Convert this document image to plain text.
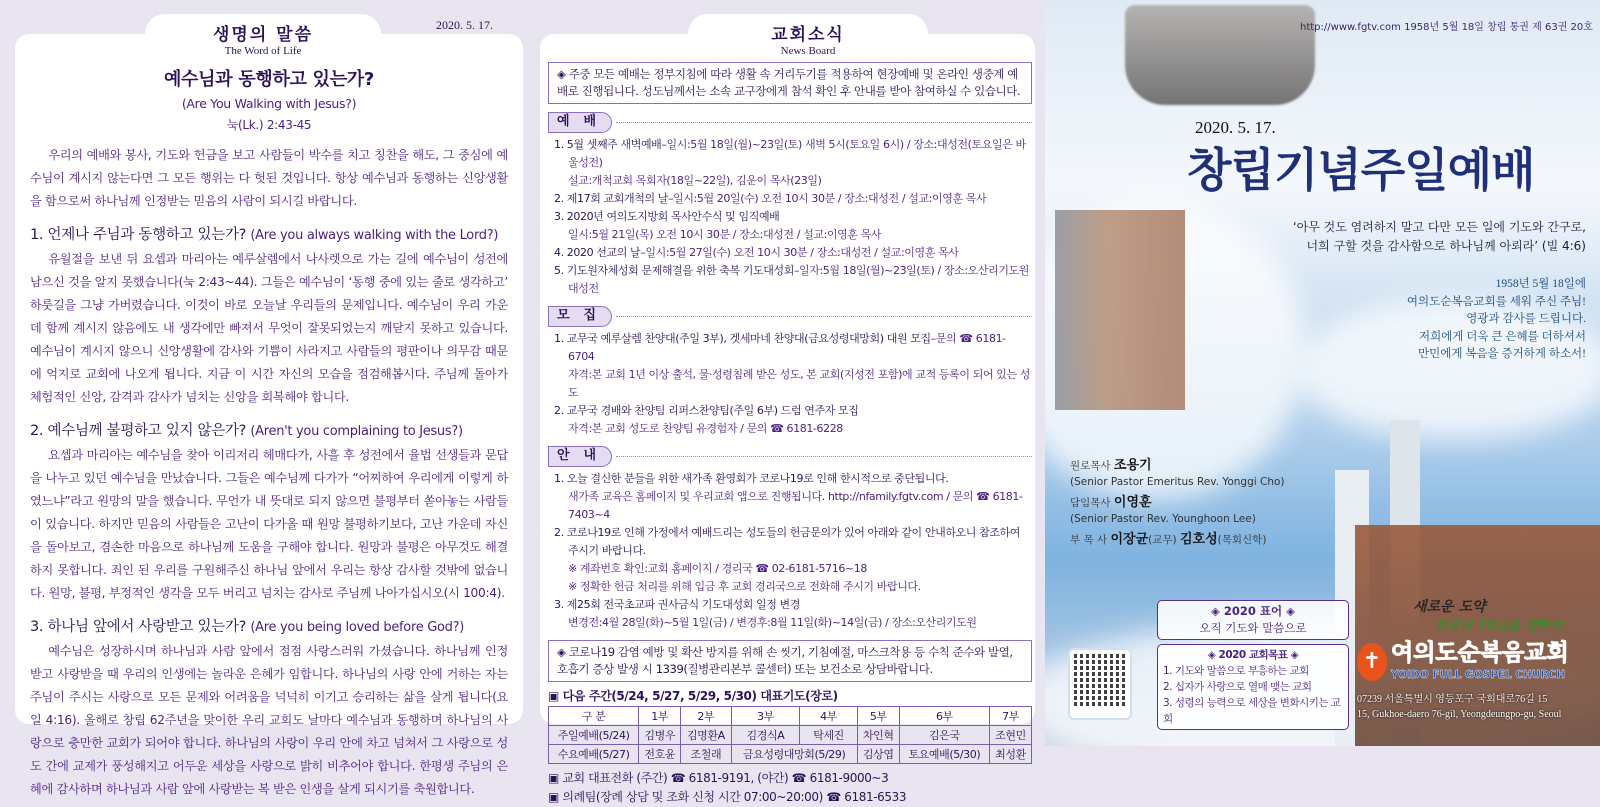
생명의 말씀
The Word of Life
2020. 5. 17.
예수님과 동행하고 있는가?
(Are You Walking with Jesus?)
눅(Lk.) 2:43-45

우리의 예배와 봉사, 기도와 헌금을 보고 사람들이 박수를 치고 칭찬을 해도, 그 중심에 예수님이 계시지 않는다면 그 모든 행위는 다 헛된 것입니다. 항상 예수님과 동행하는 신앙생활을 함으로써 하나님께 인정받는 믿음의 사람이 되시길 바랍니다.

1. 언제나 주님과 동행하고 있는가? (Are you always walking with the Lord?)

유월절을 보낸 뒤 요셉과 마리아는 예루살렘에서 나사렛으로 가는 길에 예수님이 성전에 남으신 것을 알지 못했습니다(눅 2:43~44). 그들은 예수님이 ‘동행 중에 있는 줄로 생각하고’ 하룻길을 그냥 가버렸습니다. 이것이 바로 오늘날 우리들의 문제입니다. 예수님이 우리 가운데 함께 계시지 않음에도 내 생각에만 빠져서 무엇이 잘못되었는지 깨닫지 못하고 있습니다. 예수님이 계시지 않으니 신앙생활에 감사와 기쁨이 사라지고 사람들의 평판이나 의무감 때문에 억지로 교회에 나오게 됩니다. 지금 이 시간 자신의 모습을 점검해봅시다. 주님께 돌아가 체험적인 신앙, 감격과 감사가 넘치는 신앙을 회복해야 합니다.

2. 예수님께 불평하고 있지 않은가? (Aren't you complaining to Jesus?)

요셉과 마리아는 예수님을 찾아 이리저리 헤매다가, 사흘 후 성전에서 율법 선생들과 문답을 나누고 있던 예수님을 만났습니다. 그들은 예수님께 다가가 “어찌하여 우리에게 이렇게 하였느냐”라고 원망의 말을 했습니다. 무언가 내 뜻대로 되지 않으면 불평부터 쏟아놓는 사람들이 있습니다. 하지만 믿음의 사람들은 고난이 다가올 때 원망 불평하기보다, 고난 가운데 자신을 돌아보고, 겸손한 마음으로 하나님께 도움을 구해야 합니다. 원망과 불평은 아무것도 해결하지 못합니다. 죄인 된 우리를 구원해주신 하나님 앞에서 우리는 항상 감사할 것밖에 없습니다. 원망, 불평, 부정적인 생각을 모두 버리고 넘치는 감사로 주님께 나아가십시오(시 100:4).

3. 하나님 앞에서 사랑받고 있는가? (Are you being loved before God?)

예수님은 성장하시며 하나님과 사람 앞에서 점점 사랑스러워 가셨습니다. 하나님께 인정받고 사랑받을 때 우리의 인생에는 놀라운 은혜가 임합니다. 하나님의 사랑 안에 거하는 자는 주님이 주시는 사랑으로 모든 문제와 어려움을 넉넉히 이기고 승리하는 삶을 살게 됩니다(요일 4:16). 올해로 창립 62주년을 맞이한 우리 교회도 날마다 예수님과 동행하며 하나님의 사랑으로 충만한 교회가 되어야 합니다. 하나님의 사랑이 우리 안에 차고 넘쳐서 그 사랑으로 성도 간에 교제가 풍성해지고 어두운 세상을 사랑으로 밝히 비추어야 합니다. 한평생 주님의 은혜에 감사하며 하나님과 사람 앞에 사랑받는 복 받은 인생을 살게 되시기를 축원합니다.

교회소식
News Board
◈ 주중 모든 예배는 정부지침에 따라 생활 속 거리두기를 적용하여 현장예배 및 온라인 생중계 예배로 진행됩니다. 성도님께서는 소속 교구장에게 참석 확인 후 안내를 받아 참여하실 수 있습니다.
예배
1. 5월 셋째주 새벽예배–일시:5월 18일(월)~23일(토) 새벽 5시(토요일 6시) / 장소:대성전(토요일은 바울성전)
설교:개척교회 목회자(18일~22일), 김운이 목사(23일)
2. 제17회 교회개척의 날–일시:5월 20일(수) 오전 10시 30분 / 장소:대성전 / 설교:이영훈 목사
3. 2020년 여의도지방회 목사안수식 및 임직예배
일시:5월 21일(목) 오전 10시 30분 / 장소:대성전 / 설교:이영훈 목사
4. 2020 선교의 날–일시:5월 27일(수) 오전 10시 30분 / 장소:대성전 / 설교:이영훈 목사
5. 기도원자체성회 문제해결을 위한 축복 기도대성회–일자:5월 18일(월)~23일(토) / 장소:오산리기도원 대성전
모집
1. 교무국 예루살렘 찬양대(주일 3부), 겟세마네 찬양대(금요성령대망회) 대원 모집–문의 ☎ 6181-6704
자격:본 교회 1년 이상 출석, 물·성령침례 받은 성도, 본 교회(지성전 포함)에 교적 등록이 되어 있는 성도
2. 교무국 경배와 찬양팀 리퍼스찬양팀(주일 6부) 드럼 연주자 모집
자격:본 교회 성도로 찬양팀 유경험자 / 문의 ☎ 6181-6228
안내
1. 오늘 결신한 분들을 위한 새가족 환영회가 코로나19로 인해 한시적으로 중단됩니다.
새가족 교육은 홈페이지 및 우리교회 앱으로 진행됩니다. http://nfamily.fgtv.com / 문의 ☎ 6181-7403~4
2. 코로나19로 인해 가정에서 예배드리는 성도들의 헌금문의가 있어 아래와 같이 안내하오니 참조하여 주시기 바랍니다.
※ 계좌번호 확인:교회 홈페이지 / 경리국 ☎ 02-6181-5716~18
※ 정확한 헌금 처리를 위해 입금 후 교회 경리국으로 전화해 주시기 바랍니다.
3. 제25회 전국초교파 권사금식 기도대성회 일정 변경
변경전:4월 28일(화)~5월 1일(금) / 변경후:8월 11일(화)~14일(금) / 장소:오산리기도원
◈ 코로나19 감염 예방 및 확산 방지를 위해 손 씻기, 기침예절, 마스크착용 등 수칙 준수와 발열, 호흡기 증상 발생 시 1339(질병관리본부 콜센터) 또는 보건소로 상담바랍니다.
▣ 다음 주간(5/24, 5/27, 5/29, 5/30) 대표기도(장로)
구 분	1부	2부	3부	4부	5부	6부	7부
주일예배(5/24)	김병우	김명환A	김경식A	탁세진	차인혁	김은국	조현민
수요예배(5/27)	전호윤	조철래	금요성령대망회(5/29)		김상엽	토요예배(5/30)	최성환
▣ 교회 대표전화 (주간) ☎ 6181-9191, (야간) ☎ 6181-9000~3
▣ 의례팀(장례 상담 및 조화 신청 시간 07:00~20:00) ☎ 6181-6533
http://www.fgtv.com 1958년 5월 18일 창립 통권 제 63권 20호
2020. 5. 17.
창립기념주일예배
‘아무 것도 염려하지 말고 다만 모든 일에 기도와 간구로,
너희 구할 것을 감사함으로 하나님께 아뢰라’ (빌 4:6)
1958년 5월 18일에
여의도순복음교회를 세워 주신 주님!
영광과 감사를 드립니다.
저희에게 더욱 큰 은혜를 더하셔서
만민에게 복음을 증거하게 하소서!
원로목사 조용기
(Senior Pastor Emeritus Rev. Yonggi Cho)
담임목사 이영훈
(Senior Pastor Rev. Younghoon Lee)
부 목 사 이장균(교무) 김호성(목회신학)
◈ 2020 표어 ◈
오직 기도와 말씀으로
◈ 2020 교회목표 ◈
1. 기도와 말씀으로 부흥하는 교회
2. 십자가 사랑으로 열매 맺는 교회
3. 성령의 능력으로 세상을 변화시키는 교회
새로운 도약
희망의 70년을 향하여
✝ 여의도순복음교회
YOIDO FULL GOSPEL CHURCH
07239 서울특별시 영등포구 국회대로76길 15
15, Gukhoe-daero 76-gil, Yeongdeungpo-gu, Seoul
